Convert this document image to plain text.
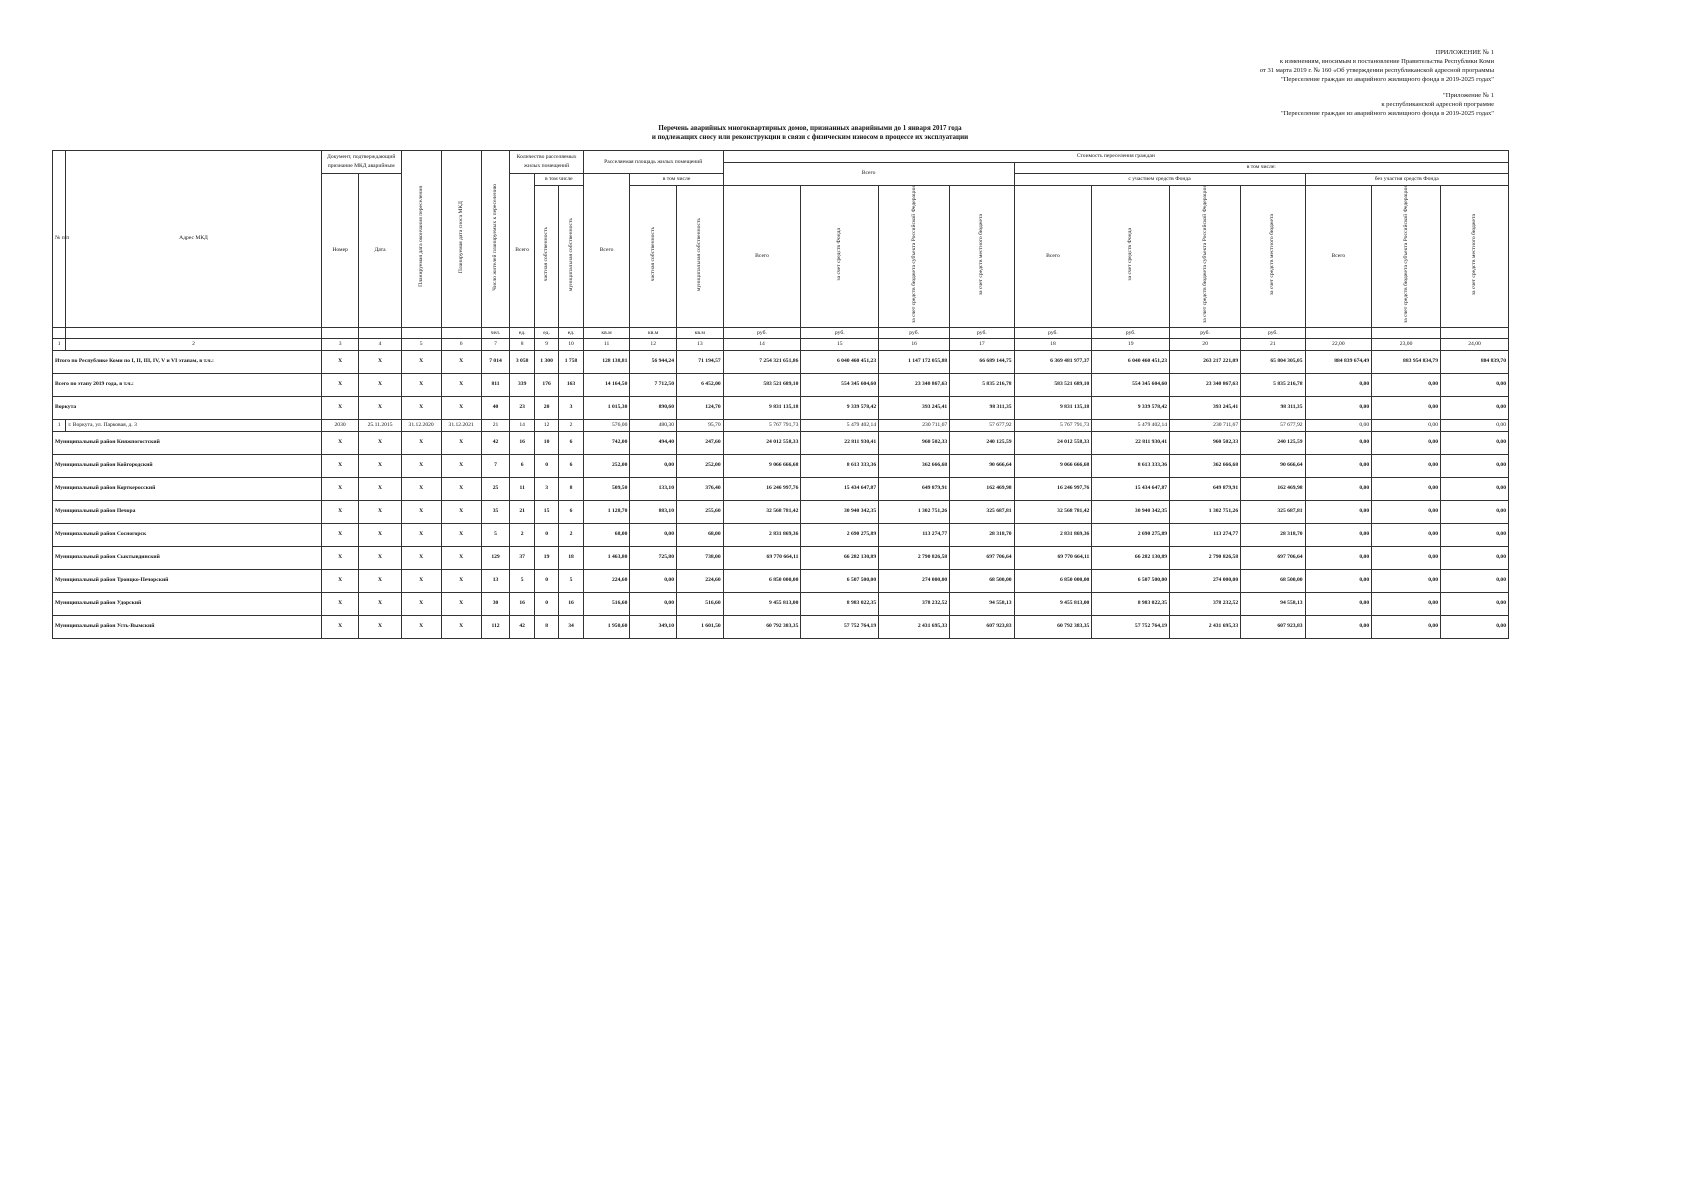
ПРИЛОЖЕНИЕ № 1
к изменениям, вносимым в постановление Правительства Республики Коми
от 31 марта 2019 г. № 160 «Об утверждении республиканской адресной программы
"Переселение граждан из аварийного жилищного фонда в 2019-2025 годах"
"Приложение № 1
к республиканской адресной программе
"Переселение граждан из аварийного жилищного фонда в 2019-2025 годах"
Перечень аварийных многоквартирных домов, признанных аварийными до 1 января 2017 года
и подлежащих сносу или реконструкции в связи с физическим износом в процессе их эксплуатации
№ п/п	Адрес МКД	Документ, подтверждающий признание МКД аварийным		Планируемая дата окончания переселения	Планируемая дата сноса МКД	Число жителей планируемых к переселению	Количество расселяемых жилых помещений			Расселяемая площадь жилых помещений			Стоимость переселения граждан										
													Всего				в том числе:						
		Номер	Дата				Всего	в том числе		Всего	в том числе						с участием средств Фонда				без участия средств Фонда		
								частная собственность	муниципальная собственность		частная собственность	муниципальная собственность	Всего	за счет средств Фонда	за счет средств бюджета субъекта Российской Федерации	за счет средств местного бюджета	Всего	за счет средств Фонда	за счет средств бюджета субъекта Российской Федерации	за счет средств местного бюджета	Всего	за счет средств бюджета субъекта Российской Федерации	за счет средств местного бюджета
						чел.	ед.	ед.	ед.	кв.м	кв.м	кв.м	руб.	руб.	руб.	руб.	руб.	руб.	руб.	руб.			
1	2	3	4	5	6	7	8	9	10	11	12	13	14	15	16	17	18	19	20	21	22,00	23,00	24,00
Итого по Республике Коми по I, II, III, IV, V и VI этапам, в т.ч.:		X	X	X	X	7 014	3 058	1 300	1 758	128 138,81	56 944,24	71 194,57	7 254 321 651,86	6 040 460 451,23	1 147 172 055,88	66 689 144,75	6 369 481 977,37	6 040 460 451,23	263 217 221,09	65 804 305,05	884 839 674,49	883 954 834,79	884 839,70
Всего по этапу 2019 года, в т.ч.:		X	X	X	X	811	339	176	163	14 164,50	7 712,50	6 452,00	583 521 689,10	554 345 604,60	23 340 867,63	5 835 216,78	583 521 689,10	554 345 604,60	23 340 867,63	5 835 216,78	0,00	0,00	0,00
Воркута		X	X	X	X	40	23	20	3	1 015,30	890,60	124,70	9 831 135,18	9 339 578,42	393 245,41	98 311,35	9 831 135,18	9 339 578,42	393 245,41	98 311,35	0,00	0,00	0,00
1	г. Воркута, ул. Парковая, д. 3	2030	25.11.2015	31.12.2020	31.12.2021	21	14	12	2	576,00	480,30	95,70	5 767 791,73	5 479 402,14	230 711,67	57 677,92	5 767 791,73	5 479 402,14	230 711,67	57 677,92	0,00	0,00	0,00
Муниципальный район Княжпогостский		X	X	X	X	42	16	10	6	742,00	494,40	247,60	24 012 558,33	22 811 930,41	960 502,33	240 125,59	24 012 558,33	22 811 930,41	960 502,33	240 125,59	0,00	0,00	0,00
Муниципальный район Койгородский		X	X	X	X	7	6	0	6	252,00	0,00	252,00	9 066 666,68	8 613 333,36	362 666,68	90 666,64	9 066 666,68	8 613 333,36	362 666,68	90 666,64	0,00	0,00	0,00
Муниципальный район Корткеросский		X	X	X	X	25	11	3	8	509,50	133,10	376,40	16 246 997,76	15 434 647,87	649 879,91	162 469,98	16 246 997,76	15 434 647,87	649 879,91	162 469,98	0,00	0,00	0,00
Муниципальный район Печора		X	X	X	X	35	21	15	6	1 128,70	883,10	255,60	32 568 781,42	30 940 342,35	1 302 751,26	325 687,81	32 568 781,42	30 940 342,35	1 302 751,26	325 687,81	0,00	0,00	0,00
Муниципальный район Сосногорск		X	X	X	X	5	2	0	2	68,00	0,00	68,00	2 831 869,36	2 690 275,89	113 274,77	28 318,70	2 831 869,36	2 690 275,89	113 274,77	28 318,70	0,00	0,00	0,00
Муниципальный район Сыктывдинский		X	X	X	X	129	37	19	18	1 463,80	725,80	738,00	69 770 664,11	66 282 130,89	2 790 826,58	697 706,64	69 770 664,11	66 282 130,89	2 790 826,58	697 706,64	0,00	0,00	0,00
Муниципальный район Троицко-Печорский		X	X	X	X	13	5	0	5	224,60	0,00	224,60	6 850 000,00	6 507 500,00	274 000,00	68 500,00	6 850 000,00	6 507 500,00	274 000,00	68 500,00	0,00	0,00	0,00
Муниципальный район Удорский		X	X	X	X	30	16	0	16	516,60	0,00	516,60	9 455 813,00	8 983 022,35	378 232,52	94 558,13	9 455 813,00	8 983 022,35	378 232,52	94 558,13	0,00	0,00	0,00
Муниципальный район Усть-Вымский		X	X	X	X	112	42	8	34	1 950,60	349,10	1 601,50	60 792 383,35	57 752 764,19	2 431 695,33	607 923,83	60 792 383,35	57 752 764,19	2 431 695,33	607 923,83	0,00	0,00	0,00
